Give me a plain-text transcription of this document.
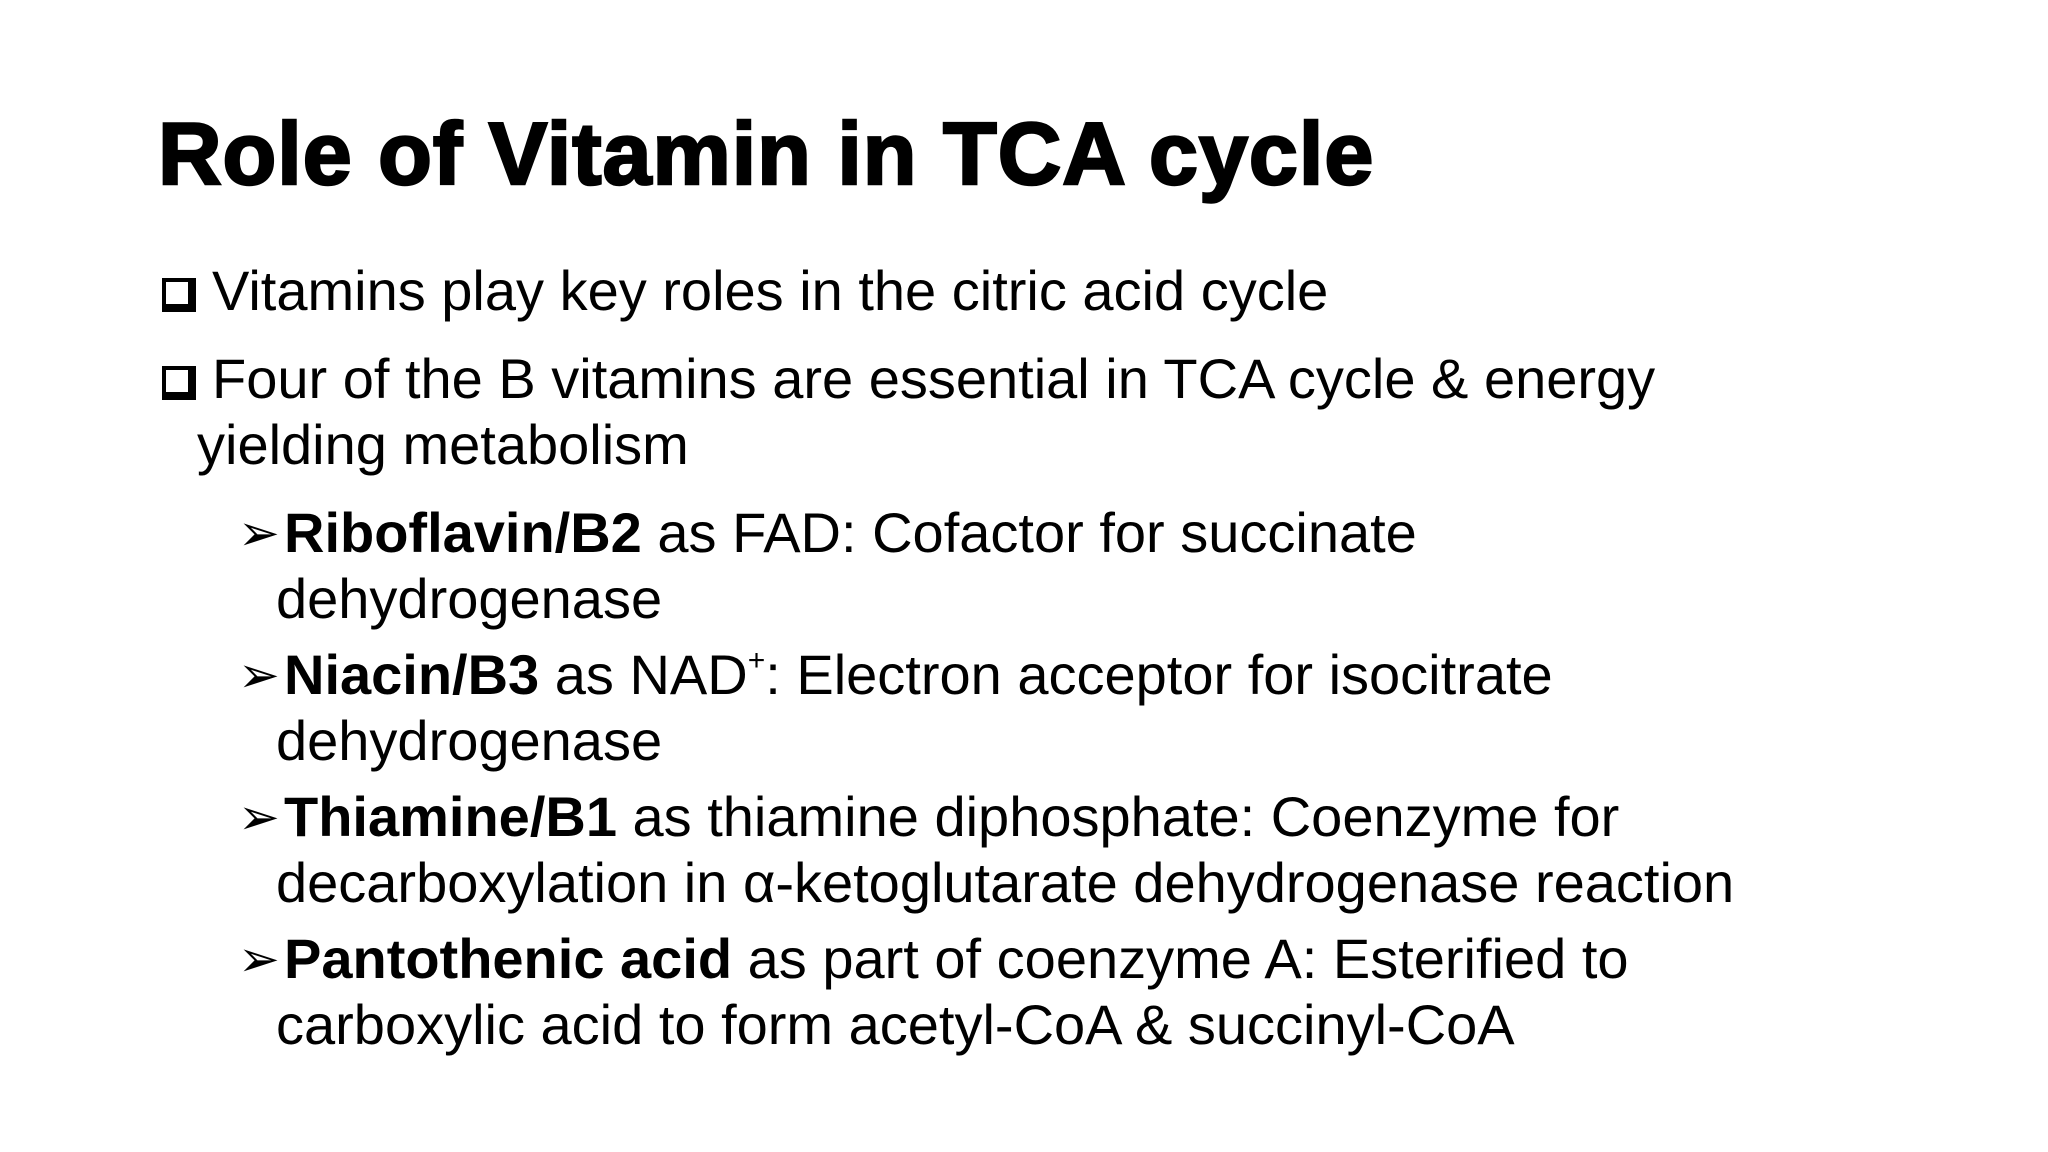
Role of Vitamin in TCA cycle
Vitamins play key roles in the citric acid cycle
Four of the B vitamins are essential in TCA cycle & energy
yielding metabolism
➢ Riboflavin/B2 as FAD: Cofactor for succinate
dehydrogenase
➢ Niacin/B3 as NAD+: Electron acceptor for isocitrate
dehydrogenase
➢ Thiamine/B1 as thiamine diphosphate: Coenzyme for
decarboxylation in α-ketoglutarate dehydrogenase reaction
➢ Pantothenic acid as part of coenzyme A: Esterified to
carboxylic acid to form acetyl-CoA & succinyl-CoA
